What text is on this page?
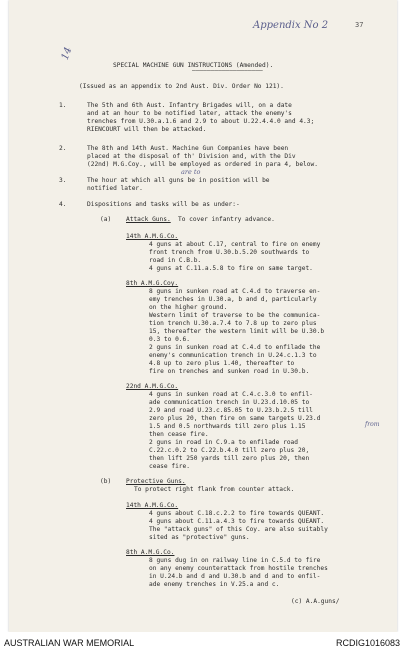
Appendix No 2	37
14
SPECIAL MACHINE GUN INSTRUCTIONS (Amended).
———————————————————
(Issued as an appendix to 2nd Aust. Div. Order No 121).
1.	The 5th and 6th Aust. Infantry Brigades will, on a date
and at an hour to be notified later, attack the enemy's
trenches from U.30.a.1.6 and 2.9 to about U.22.4.4.0 and 4.3;
RIENCOURT will then be attacked.
2.	The 8th and 14th Aust. Machine Gun Companies have been
placed at the disposal of th' Division and, with the Div
(22nd) M.G.Coy., will be employed as ordered in para 4, below.
3.	The hour at which all guns be in position will be
are to
notified later.
4.	Dispositions and tasks will be as under:-
(a) Attack Guns. To cover infantry advance.
14th A.M.G.Co.
4 guns at about C.17, central to fire on enemy
front trench from U.30.b.5.20 southwards to
road in C.B.b.
4 guns at C.11.a.5.8 to fire on same target.
8th A.M.G.Coy.
8 guns in sunken road at C.4.d to traverse en-
emy trenches in U.30.a, b and d, particularly
on the higher ground.
Western limit of traverse to be the communica-
tion trench U.30.a.7.4 to 7.8 up to zero plus
15, thereafter the western limit will be U.30.b
0.3 to 0.6.
2 guns in sunken road at C.4.d to enfilade the
enemy's communication trench in U.24.c.1.3 to
4.8 up to zero plus 1.40, thereafter to
fire on trenches and sunken road in U.30.b.
22nd A.M.G.Co.
4 guns in sunken road at C.4.c.3.0 to enfil-
ade communication trench in U.23.d.10.05 to
2.9 and road U.23.c.85.05 to U.23.b.2.5 till
zero plus 20, then fire on same targets U.23.d
1.5 and 0.5 northwards till zero plus 1.15	from
then cease fire.
2 guns in road in C.9.a to enfilade road
C.22.c.0.2 to C.22.b.4.0 till zero plus 20,
then lift 250 yards till zero plus 20, then
cease fire.
(b) Protective Guns.
To protect right flank from counter attack.
14th A.M.G.Co.
4 guns about C.18.c.2.2 to fire towards QUEANT.
4 guns about C.11.a.4.3 to fire towards QUEANT.
The "attack guns" of this Coy. are also suitably
sited as "protective" guns.
8th A.M.G.Co.
8 guns dug in on railway line in C.5.d to fire
on any enemy counterattack from hostile trenches
in U.24.b and d and U.30.b and d and to enfil-
ade enemy trenches in V.25.a and c.
(c) A.A.guns/
AUSTRALIAN WAR MEMORIAL	RCDIG1016083
